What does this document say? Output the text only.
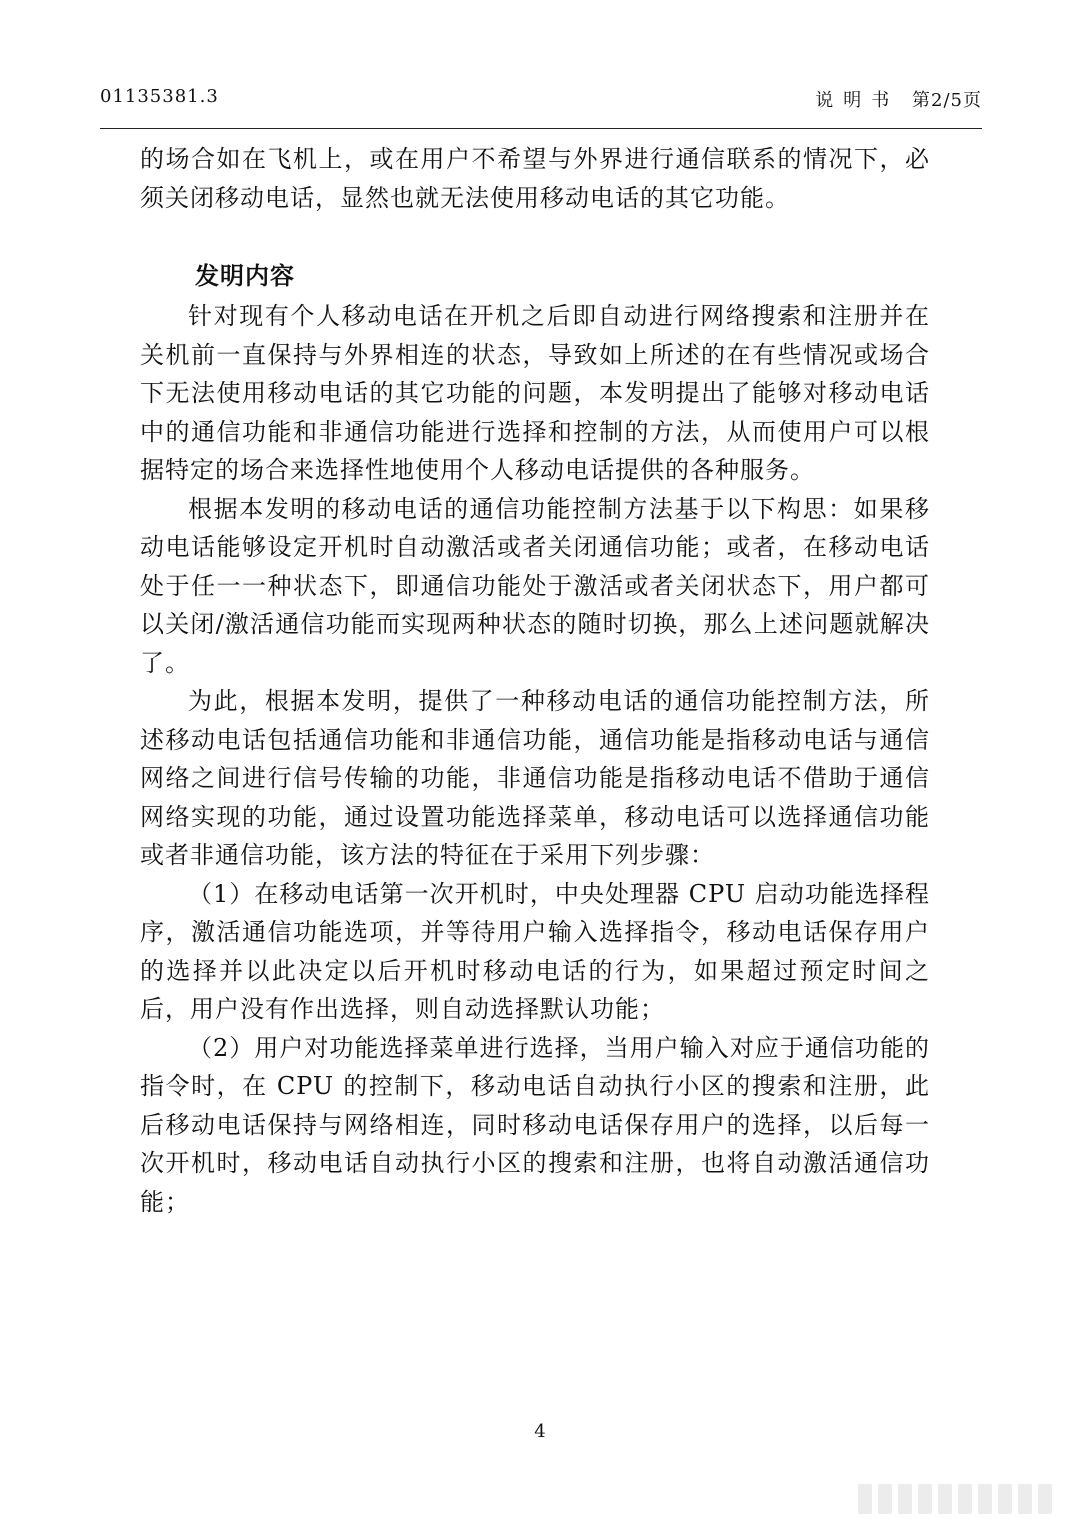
01135381.3	说明书 第2/5页

的场合如在飞机上，或在用户不希望与外界进行通信联系的情况下，必须关闭移动电话，显然也就无法使用移动电话的其它功能。

发明内容

针对现有个人移动电话在开机之后即自动进行网络搜索和注册并在关机前一直保持与外界相连的状态，导致如上所述的在有些情况或场合下无法使用移动电话的其它功能的问题，本发明提出了能够对移动电话中的通信功能和非通信功能进行选择和控制的方法，从而使用户可以根据特定的场合来选择性地使用个人移动电话提供的各种服务。

根据本发明的移动电话的通信功能控制方法基于以下构思：如果移动电话能够设定开机时自动激活或者关闭通信功能；或者，在移动电话处于任一一种状态下，即通信功能处于激活或者关闭状态下，用户都可以关闭/激活通信功能而实现两种状态的随时切换，那么上述问题就解决了。

为此，根据本发明，提供了一种移动电话的通信功能控制方法，所述移动电话包括通信功能和非通信功能，通信功能是指移动电话与通信网络之间进行信号传输的功能，非通信功能是指移动电话不借助于通信网络实现的功能，通过设置功能选择菜单，移动电话可以选择通信功能或者非通信功能，该方法的特征在于采用下列步骤：

（1）在移动电话第一次开机时，中央处理器 CPU 启动功能选择程序，激活通信功能选项，并等待用户输入选择指令，移动电话保存用户的选择并以此决定以后开机时移动电话的行为，如果超过预定时间之后，用户没有作出选择，则自动选择默认功能；

（2）用户对功能选择菜单进行选择，当用户输入对应于通信功能的指令时，在 CPU 的控制下，移动电话自动执行小区的搜索和注册，此后移动电话保持与网络相连，同时移动电话保存用户的选择，以后每一次开机时，移动电话自动执行小区的搜索和注册，也将自动激活通信功能；

4
